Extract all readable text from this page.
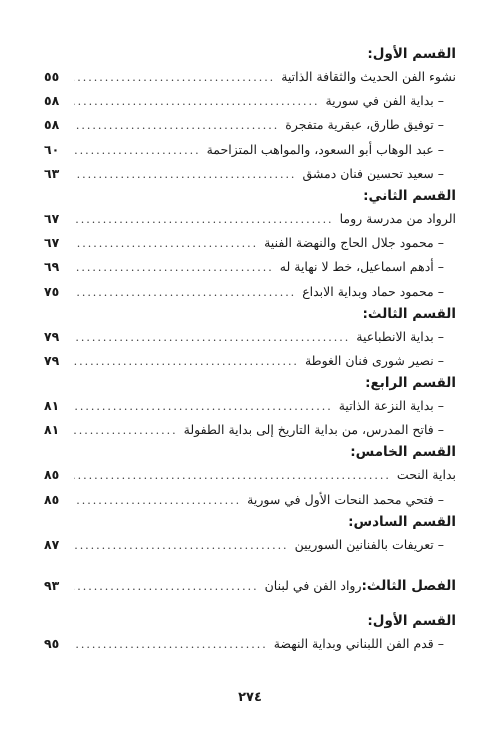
القسم الأول:
نشوء الفن الحديث والثقافة الذاتية
.....
٥٥
– بداية الفن في سورية
.....
٥٨
– توفيق طارق، عبقرية متفجرة
.....
٥٨
– عبد الوهاب أبو السعود، والمواهب المتزاحمة
.....
٦٠
– سعيد تحسين فنان دمشق
.....
٦٣
القسم الثاني:
الرواد من مدرسة روما
.....
٦٧
– محمود جلال الحاج والنهضة الفنية
.....
٦٧
– أدهم اسماعيل، خط لا نهاية له
.....
٦٩
– محمود حماد وبداية الابداع
.....
٧٥
القسم الثالث:
– بداية الانطباعية
.....
٧٩
– نصير شورى فنان الغوطة
.....
٧٩
القسم الرابع:
– بداية النزعة الذاتية
.....
٨١
– فاتح المدرس، من بداية التاريخ إلى بداية الطفولة
.....
٨١
القسم الخامس:
بداية النحت
.....
٨٥
– فتحي محمد النحات الأول في سورية
.....
٨٥
القسم السادس:
– تعريفات بالفنانين السوريين
.....
٨٧
الفصل الثالث:
رواد الفن في لبنان
.....
٩٣
القسم الأول:
– قدم الفن اللبناني وبداية النهضة
.....
٩٥
٢٧٤
